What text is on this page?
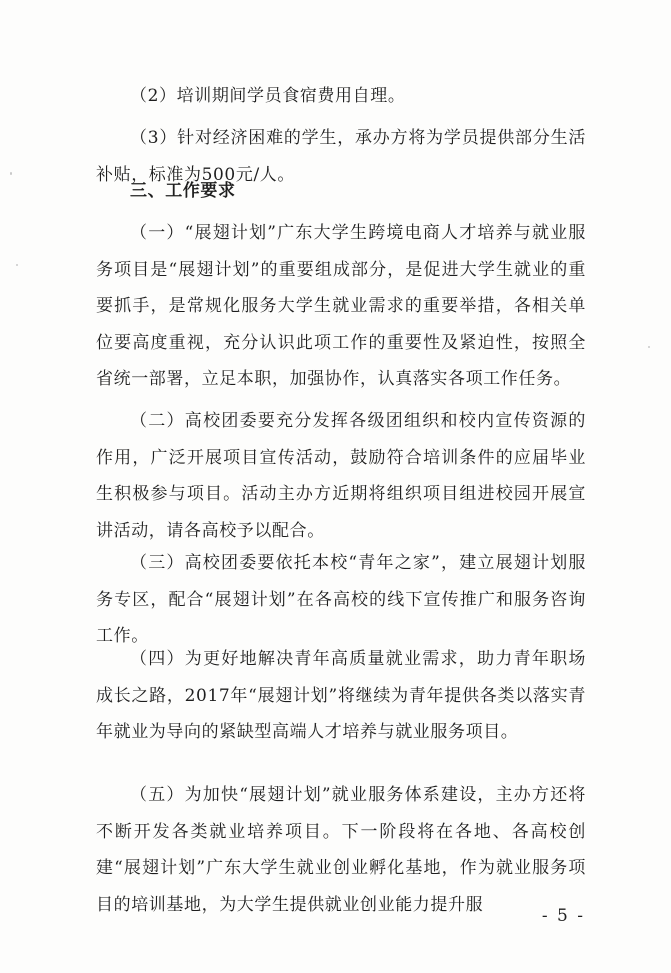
（2）培训期间学员食宿费用自理。

（3）针对经济困难的学生，承办方将为学员提供部分生活补贴，标准为500元/人。

三、工作要求

（一）“展翅计划”广东大学生跨境电商人才培养与就业服务项目是“展翅计划”的重要组成部分，是促进大学生就业的重要抓手，是常规化服务大学生就业需求的重要举措，各相关单位要高度重视，充分认识此项工作的重要性及紧迫性，按照全省统一部署，立足本职，加强协作，认真落实各项工作任务。

（二）高校团委要充分发挥各级团组织和校内宣传资源的作用，广泛开展项目宣传活动，鼓励符合培训条件的应届毕业生积极参与项目。活动主办方近期将组织项目组进校园开展宣讲活动，请各高校予以配合。

（三）高校团委要依托本校“青年之家”，建立展翅计划服务专区，配合“展翅计划”在各高校的线下宣传推广和服务咨询工作。

（四）为更好地解决青年高质量就业需求，助力青年职场成长之路，2017年“展翅计划”将继续为青年提供各类以落实青年就业为导向的紧缺型高端人才培养与就业服务项目。

（五）为加快“展翅计划”就业服务体系建设，主办方还将不断开发各类就业培养项目。下一阶段将在各地、各高校创建“展翅计划”广东大学生就业创业孵化基地，作为就业服务项目的培训基地，为大学生提供就业创业能力提升服

- 5 -
